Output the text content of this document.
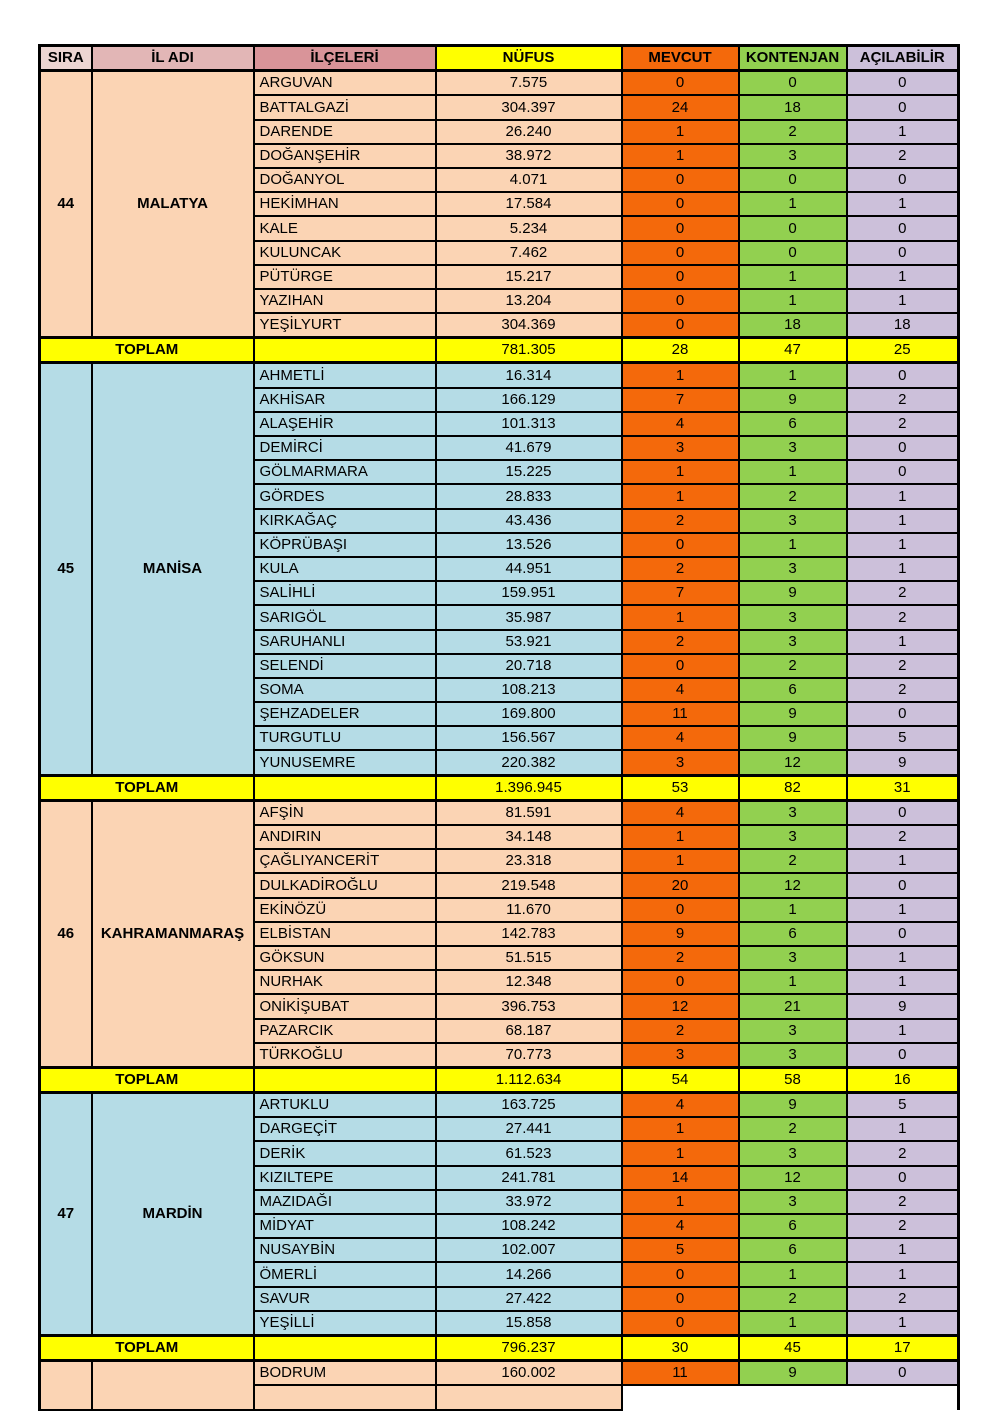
SIRA	İL ADI	İLÇELERİ	NÜFUS	MEVCUT	KONTENJAN	AÇILABİLİR
44	MALATYA	ARGUVAN	7.575	0	0	0
		BATTALGAZİ	304.397	24	18	0
		DARENDE	26.240	1	2	1
		DOĞANŞEHİR	38.972	1	3	2
		DOĞANYOL	4.071	0	0	0
		HEKİMHAN	17.584	0	1	1
		KALE	5.234	0	0	0
		KULUNCAK	7.462	0	0	0
		PÜTÜRGE	15.217	0	1	1
		YAZIHAN	13.204	0	1	1
		YEŞİLYURT	304.369	0	18	18
TOPLAM			781.305	28	47	25
45	MANİSA	AHMETLİ	16.314	1	1	0
		AKHİSAR	166.129	7	9	2
		ALAŞEHİR	101.313	4	6	2
		DEMİRCİ	41.679	3	3	0
		GÖLMARMARA	15.225	1	1	0
		GÖRDES	28.833	1	2	1
		KIRKAĞAÇ	43.436	2	3	1
		KÖPRÜBAŞI	13.526	0	1	1
		KULA	44.951	2	3	1
		SALİHLİ	159.951	7	9	2
		SARIGÖL	35.987	1	3	2
		SARUHANLI	53.921	2	3	1
		SELENDİ	20.718	0	2	2
		SOMA	108.213	4	6	2
		ŞEHZADELER	169.800	11	9	0
		TURGUTLU	156.567	4	9	5
		YUNUSEMRE	220.382	3	12	9
TOPLAM			1.396.945	53	82	31
46	KAHRAMANMARAŞ	AFŞİN	81.591	4	3	0
		ANDIRIN	34.148	1	3	2
		ÇAĞLIYANCERİT	23.318	1	2	1
		DULKADİROĞLU	219.548	20	12	0
		EKİNÖZÜ	11.670	0	1	1
		ELBİSTAN	142.783	9	6	0
		GÖKSUN	51.515	2	3	1
		NURHAK	12.348	0	1	1
		ONİKİŞUBAT	396.753	12	21	9
		PAZARCIK	68.187	2	3	1
		TÜRKOĞLU	70.773	3	3	0
TOPLAM			1.112.634	54	58	16
47	MARDİN	ARTUKLU	163.725	4	9	5
		DARGEÇİT	27.441	1	2	1
		DERİK	61.523	1	3	2
		KIZILTEPE	241.781	14	12	0
		MAZIDAĞI	33.972	1	3	2
		MİDYAT	108.242	4	6	2
		NUSAYBİN	102.007	5	6	1
		ÖMERLİ	14.266	0	1	1
		SAVUR	27.422	0	2	2
		YEŞİLLİ	15.858	0	1	1
TOPLAM			796.237	30	45	17
		BODRUM	160.002	11	9	0
